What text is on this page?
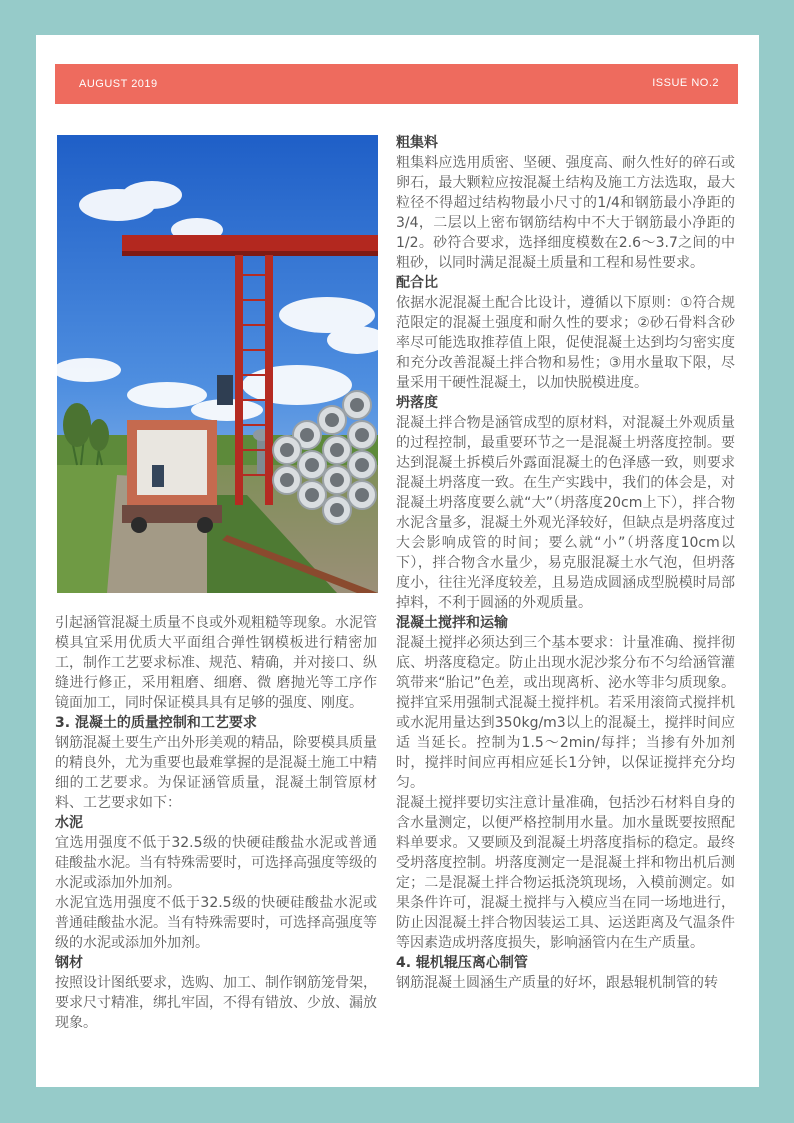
AUGUST 2019	ISSUE NO.2

引起涵管混凝土质量不良或外观粗糙等现象。水泥管模具宜采用优质大平面组合弹性钢模板进行精密加工，制作工艺要求标准、规范、精确，并对接口、纵缝进行修正，采用粗磨、细磨、微 磨抛光等工序作镜面加工，同时保证模具具有足够的强度、刚度。

3. 混凝土的质量控制和工艺要求

钢筋混凝土要生产出外形美观的精品，除要模具质量的精良外，尤为重要也最难掌握的是混凝土施工中精细的工艺要求。为保证涵管质量，混凝土制管原材料、工艺要求如下：

水泥

宜选用强度不低于32.5级的快硬硅酸盐水泥或普通硅酸盐水泥。当有特殊需要时，可选择高强度等级的水泥或添加外加剂。

水泥宜选用强度不低于32.5级的快硬硅酸盐水泥或普通硅酸盐水泥。当有特殊需要时，可选择高强度等级的水泥或添加外加剂。

钢材

按照设计图纸要求，选购、加工、制作钢筋笼骨架，要求尺寸精准，绑扎牢固，不得有错放、少放、漏放现象。

粗集料

粗集料应选用质密、坚硬、强度高、耐久性好的碎石或卵石，最大颗粒应按混凝土结构及施工方法选取，最大粒径不得超过结构物最小尺寸的1/4和钢筋最小净距的3/4，二层以上密布钢筋结构中不大于钢筋最小净距的1/2。砂符合要求，选择细度模数在2.6～3.7之间的中粗砂，以同时满足混凝土质量和工程和易性要求。

配合比

依据水泥混凝土配合比设计，遵循以下原则：①符合规范限定的混凝土强度和耐久性的要求；②砂石骨料含砂率尽可能选取推荐值上限，促使混凝土达到均匀密实度和充分改善混凝土拌合物和易性；③用水量取下限，尽量采用干硬性混凝土，以加快脱模进度。

坍落度

混凝土拌合物是涵管成型的原材料，对混凝土外观质量的过程控制，最重要环节之一是混凝土坍落度控制。要达到混凝土拆模后外露面混凝土的色泽感一致，则要求混凝土坍落度一致。在生产实践中，我们的体会是，对混凝土坍落度要么就“大”（坍落度20cm上下），拌合物水泥含量多，混凝土外观光泽较好，但缺点是坍落度过大会影响成管的时间；要么就“小”（坍落度10cm以下），拌合物含水量少，易克服混凝土水气泡，但坍落度小，往往光泽度较差，且易造成圆涵成型脱模时局部掉料，不利于圆涵的外观质量。

混凝土搅拌和运输

混凝土搅拌必须达到三个基本要求：计量准确、搅拌彻底、坍落度稳定。防止出现水泥沙浆分布不匀给涵管灌筑带来“胎记”色差，或出现离析、泌水等非匀质现象。搅拌宜采用强制式混凝土搅拌机。若采用滚筒式搅拌机或水泥用量达到350kg/m3以上的混凝土，搅拌时间应适 当延长。控制为1.5～2min/每拌；当掺有外加剂时，搅拌时间应再相应延长1分钟，以保证搅拌充分均匀。

混凝土搅拌要切实注意计量准确，包括沙石材料自身的含水量测定，以便严格控制用水量。加水量既要按照配料单要求。又要顾及到混凝土坍落度指标的稳定。最终受坍落度控制。坍落度测定一是混凝土拌和物出机后测定；二是混凝土拌合物运抵浇筑现场，入模前测定。如果条件许可，混凝土搅拌与入模应当在同一场地进行，防止因混凝土拌合物因装运工具、运送距离及气温条件等因素造成坍落度损失，影响涵管内在生产质量。

4. 辊机辊压离心制管

钢筋混凝土圆涵生产质量的好坏，跟悬辊机制管的转
